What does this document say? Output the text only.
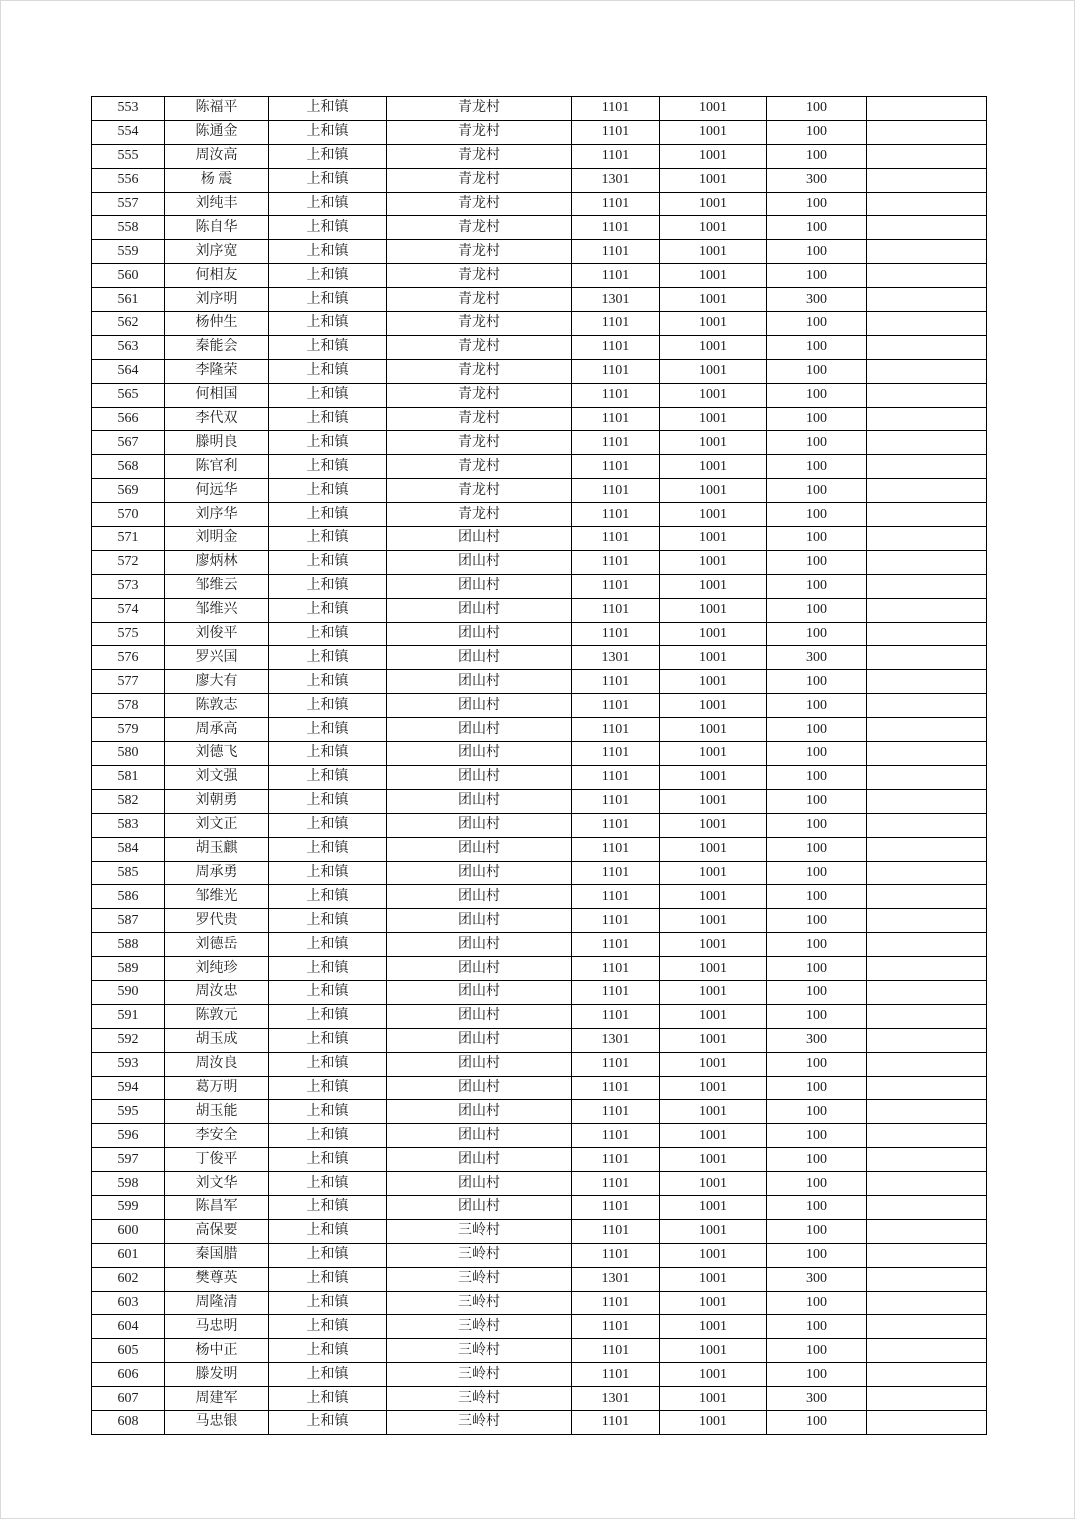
553	陈福平	上和镇	青龙村	1101	1001	100	
554	陈通金	上和镇	青龙村	1101	1001	100	
555	周汝高	上和镇	青龙村	1101	1001	100	
556	杨 震	上和镇	青龙村	1301	1001	300	
557	刘纯丰	上和镇	青龙村	1101	1001	100	
558	陈自华	上和镇	青龙村	1101	1001	100	
559	刘序宽	上和镇	青龙村	1101	1001	100	
560	何相友	上和镇	青龙村	1101	1001	100	
561	刘序明	上和镇	青龙村	1301	1001	300	
562	杨仲生	上和镇	青龙村	1101	1001	100	
563	秦能会	上和镇	青龙村	1101	1001	100	
564	李隆荣	上和镇	青龙村	1101	1001	100	
565	何相国	上和镇	青龙村	1101	1001	100	
566	李代双	上和镇	青龙村	1101	1001	100	
567	滕明良	上和镇	青龙村	1101	1001	100	
568	陈官利	上和镇	青龙村	1101	1001	100	
569	何远华	上和镇	青龙村	1101	1001	100	
570	刘序华	上和镇	青龙村	1101	1001	100	
571	刘明金	上和镇	团山村	1101	1001	100	
572	廖炳林	上和镇	团山村	1101	1001	100	
573	邹维云	上和镇	团山村	1101	1001	100	
574	邹维兴	上和镇	团山村	1101	1001	100	
575	刘俊平	上和镇	团山村	1101	1001	100	
576	罗兴国	上和镇	团山村	1301	1001	300	
577	廖大有	上和镇	团山村	1101	1001	100	
578	陈敦志	上和镇	团山村	1101	1001	100	
579	周承高	上和镇	团山村	1101	1001	100	
580	刘德飞	上和镇	团山村	1101	1001	100	
581	刘文强	上和镇	团山村	1101	1001	100	
582	刘朝勇	上和镇	团山村	1101	1001	100	
583	刘文正	上和镇	团山村	1101	1001	100	
584	胡玉麒	上和镇	团山村	1101	1001	100	
585	周承勇	上和镇	团山村	1101	1001	100	
586	邹维光	上和镇	团山村	1101	1001	100	
587	罗代贵	上和镇	团山村	1101	1001	100	
588	刘德岳	上和镇	团山村	1101	1001	100	
589	刘纯珍	上和镇	团山村	1101	1001	100	
590	周汝忠	上和镇	团山村	1101	1001	100	
591	陈敦元	上和镇	团山村	1101	1001	100	
592	胡玉成	上和镇	团山村	1301	1001	300	
593	周汝良	上和镇	团山村	1101	1001	100	
594	葛万明	上和镇	团山村	1101	1001	100	
595	胡玉能	上和镇	团山村	1101	1001	100	
596	李安全	上和镇	团山村	1101	1001	100	
597	丁俊平	上和镇	团山村	1101	1001	100	
598	刘文华	上和镇	团山村	1101	1001	100	
599	陈昌军	上和镇	团山村	1101	1001	100	
600	高保要	上和镇	三岭村	1101	1001	100	
601	秦国腊	上和镇	三岭村	1101	1001	100	
602	樊尊英	上和镇	三岭村	1301	1001	300	
603	周隆清	上和镇	三岭村	1101	1001	100	
604	马忠明	上和镇	三岭村	1101	1001	100	
605	杨中正	上和镇	三岭村	1101	1001	100	
606	滕发明	上和镇	三岭村	1101	1001	100	
607	周建军	上和镇	三岭村	1301	1001	300	
608	马忠银	上和镇	三岭村	1101	1001	100	
